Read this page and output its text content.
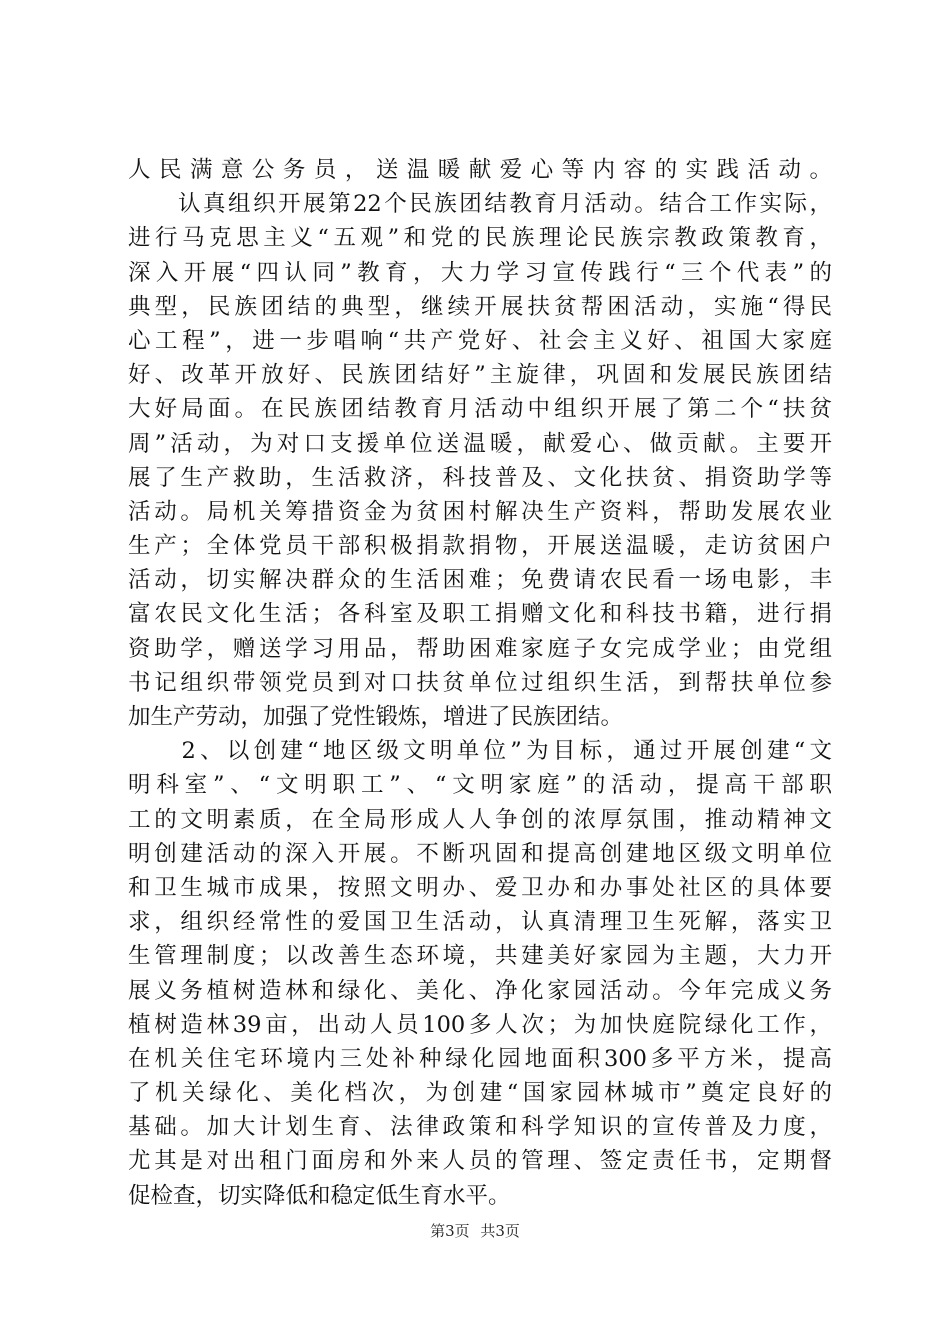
人民满意公务员，送温暖献爱心等内容的实践活动。
　　认真组织开展第22个民族团结教育月活动。结合工作实际，
进行马克思主义“五观”和党的民族理论民族宗教政策教育，
深入开展“四认同”教育，大力学习宣传践行“三个代表”的
典型，民族团结的典型，继续开展扶贫帮困活动，实施“得民
心工程”，进一步唱响“共产党好、社会主义好、祖国大家庭
好、改革开放好、民族团结好”主旋律，巩固和发展民族团结
大好局面。在民族团结教育月活动中组织开展了第二个“扶贫
周”活动，为对口支援单位送温暖，献爱心、做贡献。主要开
展了生产救助，生活救济，科技普及、文化扶贫、捐资助学等
活动。局机关筹措资金为贫困村解决生产资料，帮助发展农业
生产；全体党员干部积极捐款捐物，开展送温暖，走访贫困户
活动，切实解决群众的生活困难；免费请农民看一场电影，丰
富农民文化生活；各科室及职工捐赠文化和科技书籍，进行捐
资助学，赠送学习用品，帮助困难家庭子女完成学业；由党组
书记组织带领党员到对口扶贫单位过组织生活，到帮扶单位参
加生产劳动，加强了党性锻炼，增进了民族团结。
　　2、以创建“地区级文明单位”为目标，通过开展创建“文
明科室”、“文明职工”、“文明家庭”的活动，提高干部职
工的文明素质，在全局形成人人争创的浓厚氛围，推动精神文
明创建活动的深入开展。不断巩固和提高创建地区级文明单位
和卫生城市成果，按照文明办、爱卫办和办事处社区的具体要
求，组织经常性的爱国卫生活动，认真清理卫生死解，落实卫
生管理制度；以改善生态环境，共建美好家园为主题，大力开
展义务植树造林和绿化、美化、净化家园活动。今年完成义务
植树造林39亩，出动人员100多人次；为加快庭院绿化工作，
在机关住宅环境内三处补种绿化园地面积300多平方米，提高
了机关绿化、美化档次，为创建“国家园林城市”奠定良好的
基础。加大计划生育、法律政策和科学知识的宣传普及力度，
尤其是对出租门面房和外来人员的管理、签定责任书，定期督
促检查，切实降低和稳定低生育水平。
第3页 共3页
